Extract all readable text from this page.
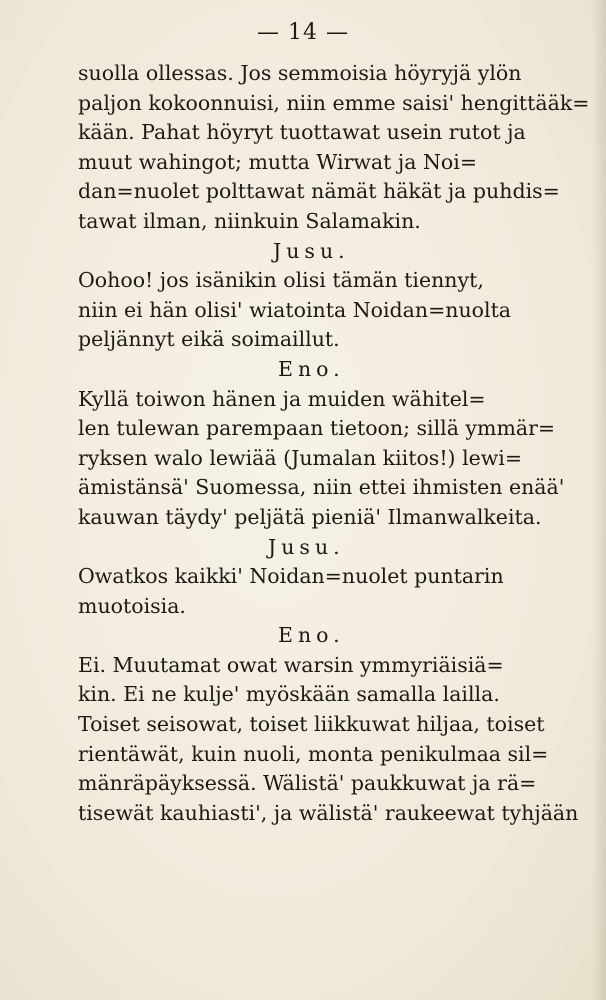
— 14 —
suolla ollessas. Jos semmoisia höyryjä ylön
paljon kokoonnuisi, niin emme saisi' hengittääk=
kään. Pahat höyryt tuottawat usein rutot ja
muut wahingot; mutta Wirwat ja Noi=
dan=nuolet polttawat nämät häkät ja puhdis=
tawat ilman, niinkuin Salamakin.
Jusu.
Oohoo! jos isänikin olisi tämän tiennyt,
niin ei hän olisi' wiatointa Noidan=nuolta
peljännyt eikä soimaillut.
Eno.
Kyllä toiwon hänen ja muiden wähitel=
len tulewan parempaan tietoon; sillä ymmär=
ryksen walo lewiää (Jumalan kiitos!) lewi=
ämistänsä' Suomessa, niin ettei ihmisten enää'
kauwan täydy' peljätä pieniä' Ilmanwalkeita.
Jusu.
Owatkos kaikki' Noidan=nuolet puntarin
muotoisia.
Eno.
Ei. Muutamat owat warsin ymmyriäisiä=
kin. Ei ne kulje' myöskään samalla lailla.
Toiset seisowat, toiset liikkuwat hiljaa, toiset
rientäwät, kuin nuoli, monta penikulmaa sil=
mänräpäyksessä. Wälistä' paukkuwat ja rä=
tisewät kauhiasti', ja wälistä' raukeewat tyhjään
